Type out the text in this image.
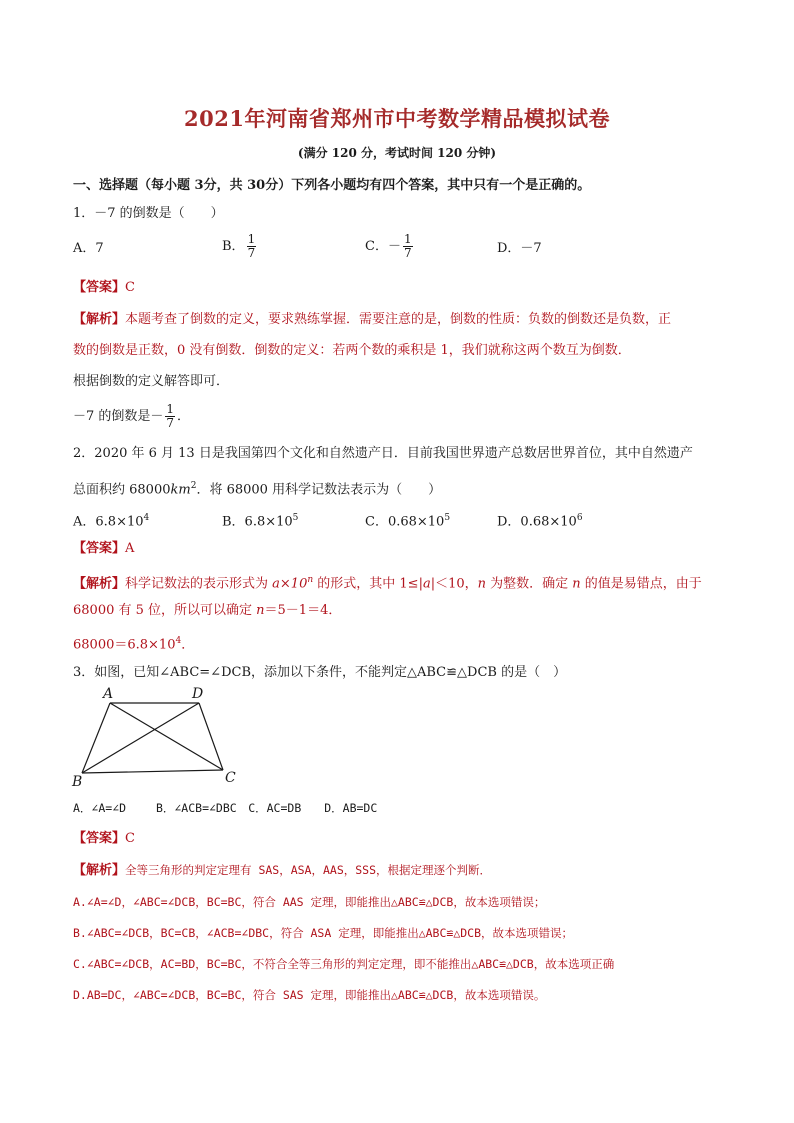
2021年河南省郑州市中考数学精品模拟试卷
(满分 120 分，考试时间 120 分钟)
一、选择题（每小题 3分，共 30分）下列各小题均有四个答案，其中只有一个是正确的。
1．－7 的倒数是（　　）
A．7	B． $\frac{1}{7}$	C．－ $\frac{1}{7}$	D．－7
【答案】C
【解析】本题考查了倒数的定义，要求熟练掌握．需要注意的是，倒数的性质：负数的倒数还是负数，正
数的倒数是正数，0 没有倒数．倒数的定义：若两个数的乘积是 1，我们就称这两个数互为倒数．
根据倒数的定义解答即可．
－7 的倒数是－ $\frac{1}{7}$ ．
2．2020 年 6 月 13 日是我国第四个文化和自然遗产日．目前我国世界遗产总数居世界首位，其中自然遗产
总面积约 $68000km^2$．将 68000 用科学记数法表示为（　　）
A．$6.8\times 10^4$	B．$6.8\times 10^5$	C．$0.68\times 10^5$	D．$0.68\times 10^6$
【答案】A
【解析】科学记数法的表示形式为 $a\times 10^n$ 的形式，其中 1≤|a|＜10，n 为整数．确定 n 的值是易错点，由于
68000 有 5 位，所以可以确定 n＝5－1＝4．
$68000=6.8\times 10^4$．
3．如图，已知∠ABC=∠DCB，添加以下条件，不能判定△ABC≌△DCB 的是（　）
A	D
B	C
A．∠A=∠D　　 B．∠ACB=∠DBC　C．AC=DB　　D．AB=DC
【答案】C
【解析】全等三角形的判定定理有 SAS，ASA，AAS，SSS，根据定理逐个判断．
A.∠A=∠D，∠ABC=∠DCB，BC=BC，符合 AAS 定理，即能推出△ABC≌△DCB，故本选项错误；
B.∠ABC=∠DCB，BC=CB，∠ACB=∠DBC，符合 ASA 定理，即能推出△ABC≌△DCB，故本选项错误；
C.∠ABC=∠DCB，AC=BD，BC=BC，不符合全等三角形的判定定理，即不能推出△ABC≌△DCB，故本选项正确
D.AB=DC，∠ABC=∠DCB，BC=BC，符合 SAS 定理，即能推出△ABC≌△DCB，故本选项错误。
